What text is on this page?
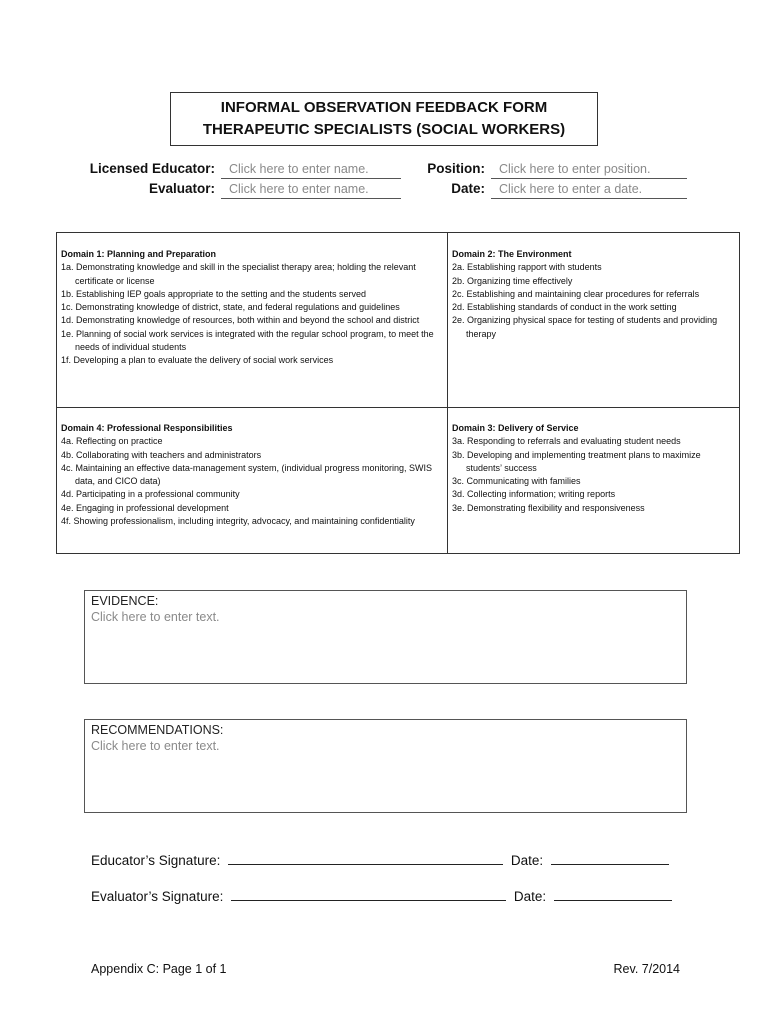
INFORMAL OBSERVATION FEEDBACK FORM
THERAPEUTIC SPECIALISTS (SOCIAL WORKERS)
Licensed Educator:	Click here to enter name.	Position:	Click here to enter position.
Evaluator:	Click here to enter name.	Date:	Click here to enter a date.
Domain 1: Planning and Preparation
1a. Demonstrating knowledge and skill in the specialist therapy area; holding the relevant certificate or license
1b. Establishing IEP goals appropriate to the setting and the students served
1c. Demonstrating knowledge of district, state, and federal regulations and guidelines
1d. Demonstrating knowledge of resources, both within and beyond the school and district
1e. Planning of social work services is integrated with the regular school program, to meet the needs of individual students
1f. Developing a plan to evaluate the delivery of social work services
Domain 2: The Environment
2a. Establishing rapport with students
2b. Organizing time effectively
2c. Establishing and maintaining clear procedures for referrals
2d. Establishing standards of conduct in the work setting
2e. Organizing physical space for testing of students and providing therapy
Domain 4: Professional Responsibilities
4a. Reflecting on practice
4b. Collaborating with teachers and administrators
4c. Maintaining an effective data-management system, (individual progress monitoring, SWIS data, and CICO data)
4d. Participating in a professional community
4e. Engaging in professional development
4f. Showing professionalism, including integrity, advocacy, and maintaining confidentiality
Domain 3: Delivery of Service
3a. Responding to referrals and evaluating student needs
3b. Developing and implementing treatment plans to maximize students’ success
3c. Communicating with families
3d. Collecting information; writing reports
3e. Demonstrating flexibility and responsiveness
EVIDENCE:
Click here to enter text.
RECOMMENDATIONS:
Click here to enter text.
Educator’s Signature:	Date:
Evaluator’s Signature:	Date:
Appendix C: Page 1 of 1	Rev. 7/2014
